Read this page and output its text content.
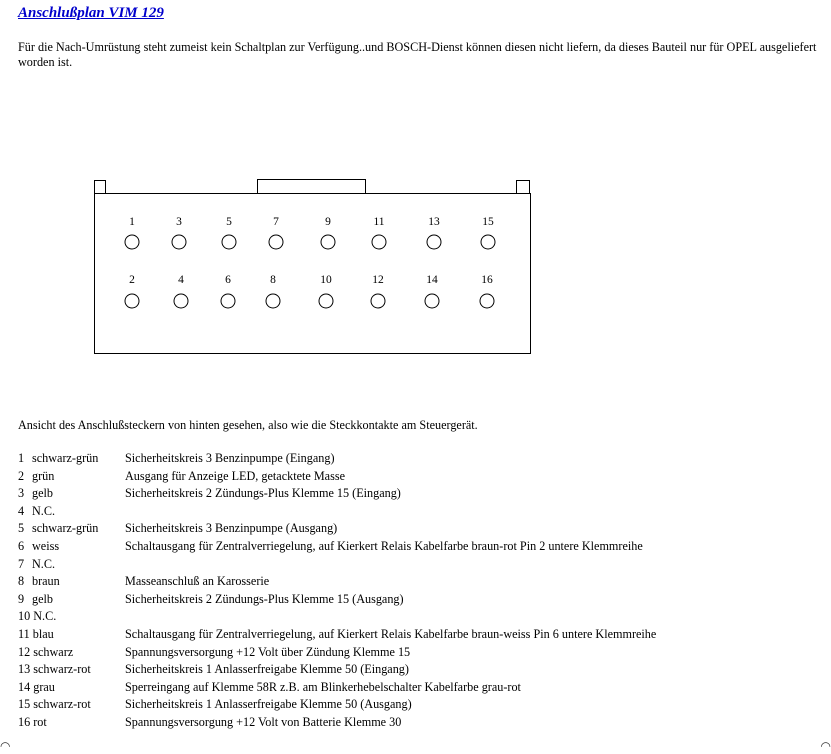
Anschlußplan VIM 129
Für die Nach-Umrüstung steht zumeist kein Schaltplan zur Verfügung..und BOSCH-Dienst können diesen nicht liefern, da dieses Bauteil nur für OPEL ausgeliefert worden ist.
1	3	5	7	9	11	13	15
2	4	6	8	10	12	14	16
Ansicht des Anschlußsteckern von hinten gesehen, also wie die Steckkontakte am Steuergerät.
1	schwarz-grün	Sicherheitskreis 3 Benzinpumpe (Eingang)
2	grün	Ausgang für Anzeige LED, getacktete Masse
3	gelb	Sicherheitskreis 2 Zündungs-Plus Klemme 15 (Eingang)
4	N.C.	
5	schwarz-grün	Sicherheitskreis 3 Benzinpumpe (Ausgang)
6	weiss	Schaltausgang für Zentralverriegelung, auf Kierkert Relais Kabelfarbe braun-rot Pin 2 untere Klemmreihe
7	N.C.	
8	braun	Masseanschluß an Karosserie
9	gelb	Sicherheitskreis 2 Zündungs-Plus Klemme 15 (Ausgang)
10 N.C.		
11 blau		Schaltausgang für Zentralverriegelung, auf Kierkert Relais Kabelfarbe braun-weiss Pin 6 untere Klemmreihe
12 schwarz		Spannungsversorgung +12 Volt über Zündung Klemme 15
13 schwarz-rot		Sicherheitskreis 1 Anlasserfreigabe Klemme 50 (Eingang)
14 grau		Sperreingang auf Klemme 58R z.B. am Blinkerhebelschalter Kabelfarbe grau-rot
15 schwarz-rot		Sicherheitskreis 1 Anlasserfreigabe Klemme 50 (Ausgang)
16 rot		Spannungsversorgung +12 Volt von Batterie Klemme 30
◠	◠
